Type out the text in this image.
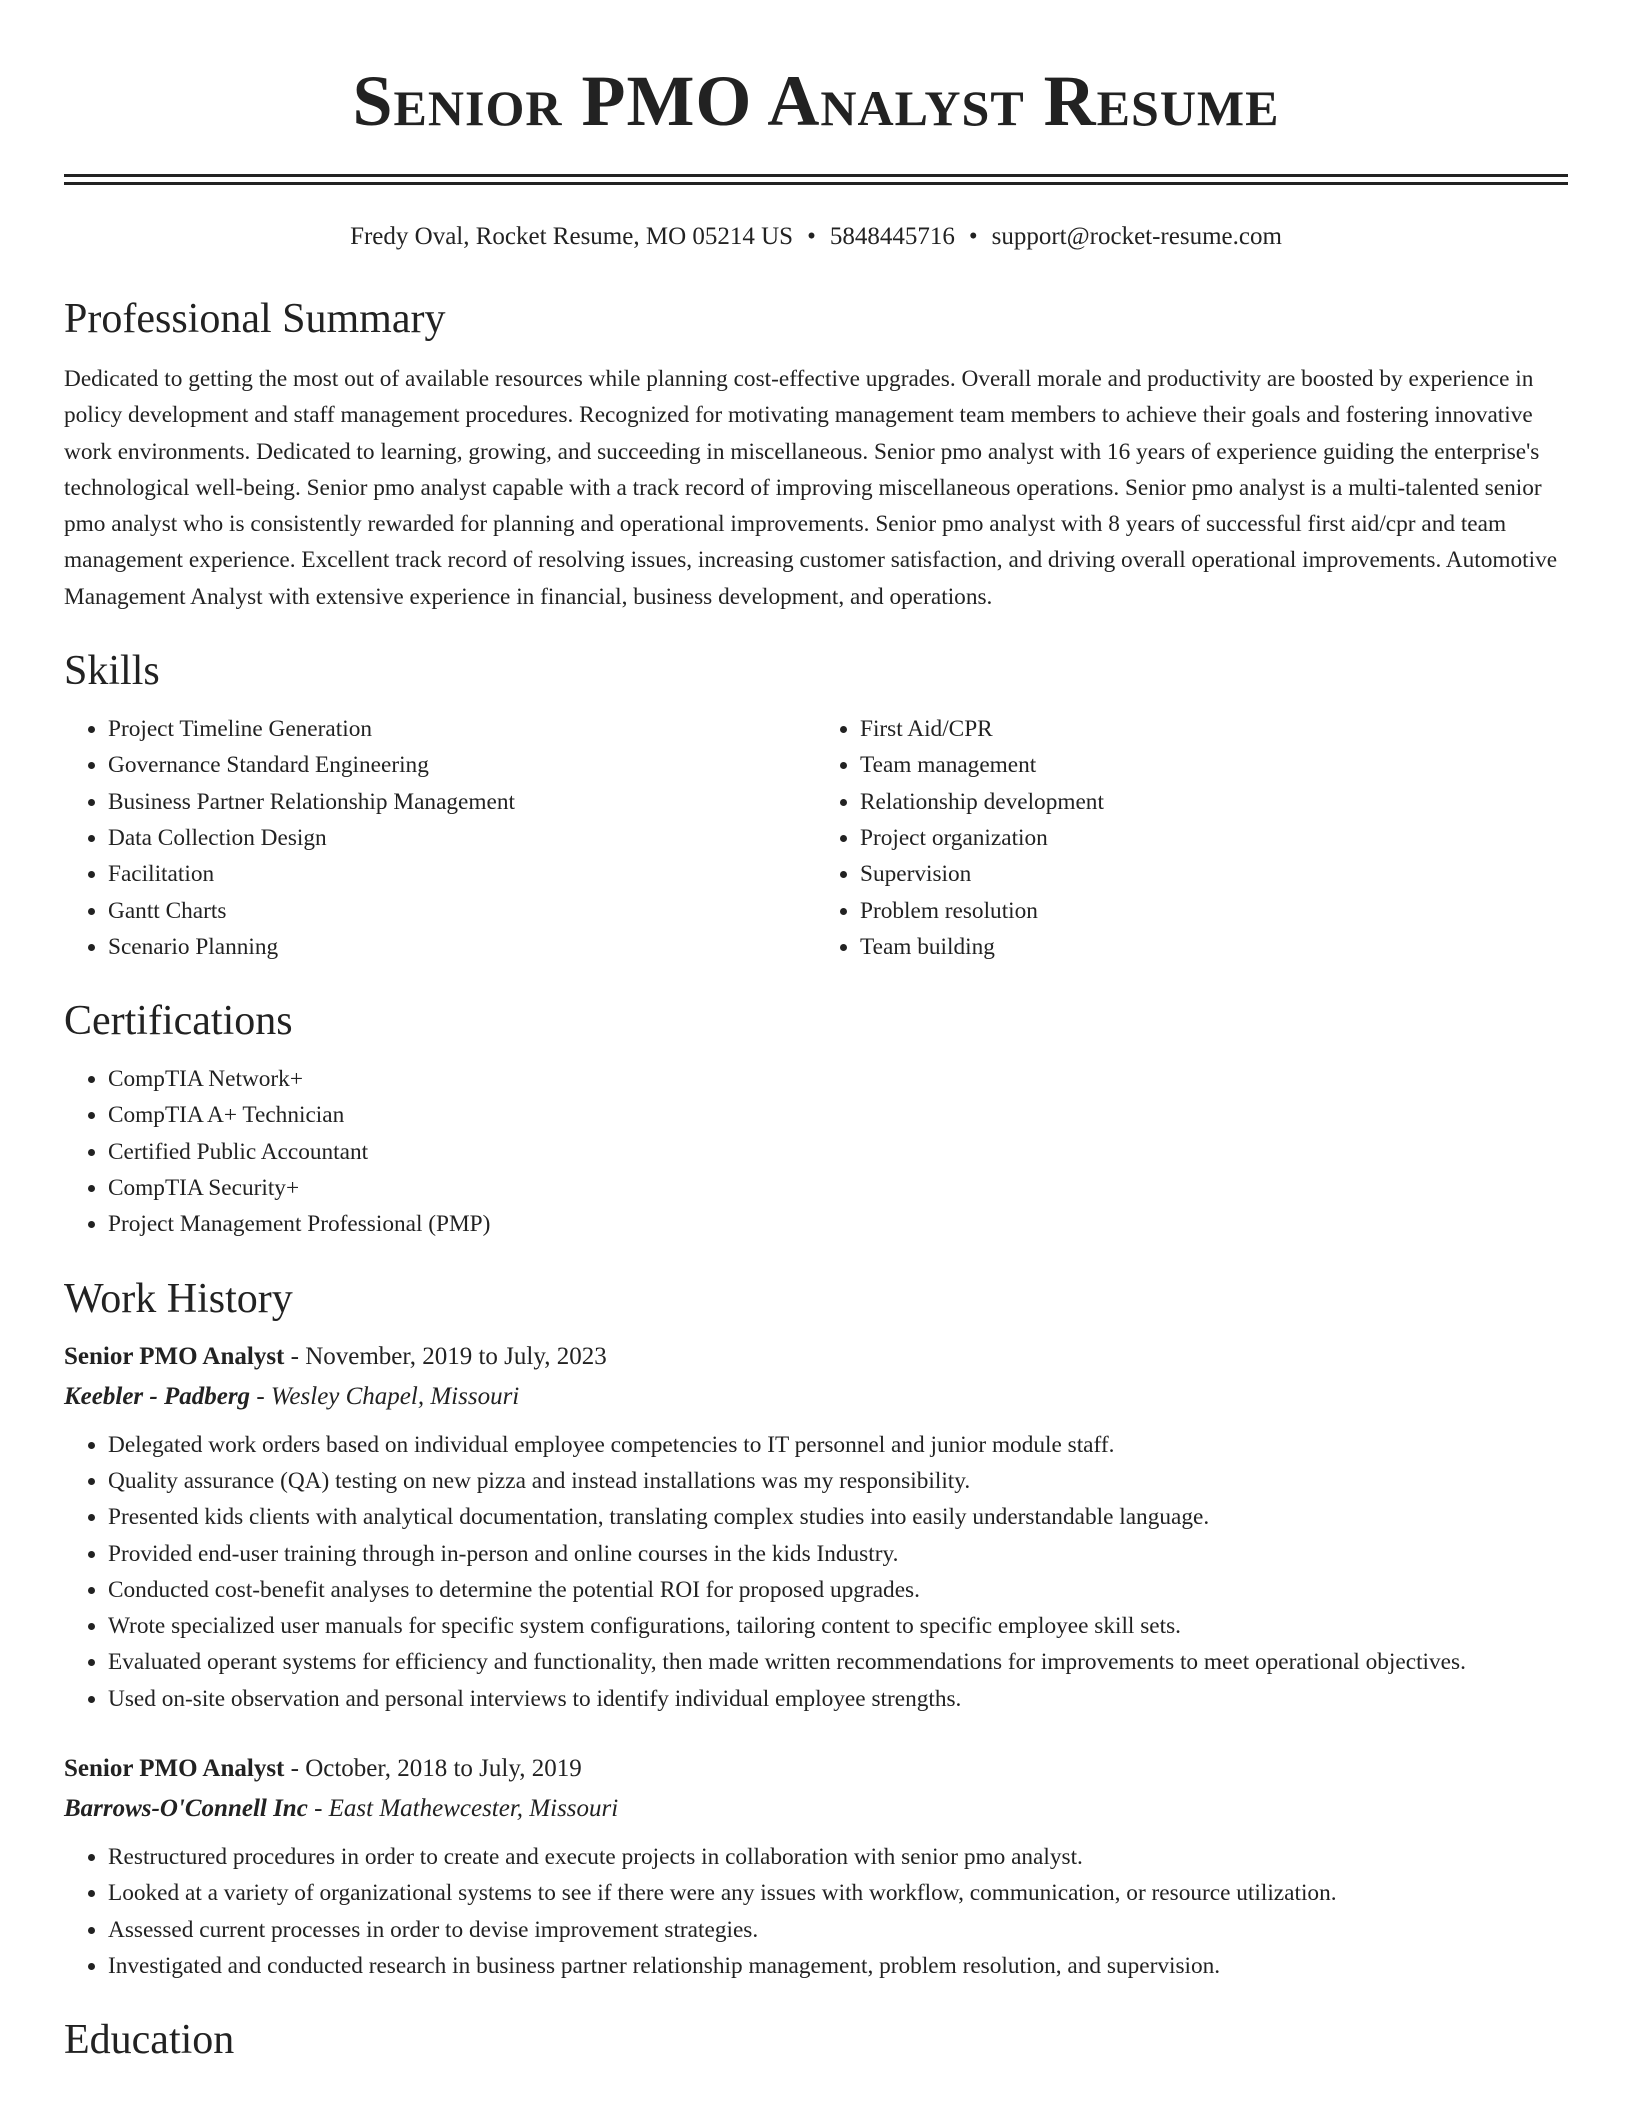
Senior PMO Analyst Resume
Fredy Oval, Rocket Resume, MO 05214 US • 5848445716 • support@rocket-resume.com
Professional Summary

Dedicated to getting the most out of available resources while planning cost-effective upgrades. Overall morale and productivity are boosted by experience in policy development and staff management procedures. Recognized for motivating management team members to achieve their goals and fostering innovative work environments. Dedicated to learning, growing, and succeeding in miscellaneous. Senior pmo analyst with 16 years of experience guiding the enterprise's technological well-being. Senior pmo analyst capable with a track record of improving miscellaneous operations. Senior pmo analyst is a multi-talented senior pmo analyst who is consistently rewarded for planning and operational improvements. Senior pmo analyst with 8 years of successful first aid/cpr and team management experience. Excellent track record of resolving issues, increasing customer satisfaction, and driving overall operational improvements. Automotive Management Analyst with extensive experience in financial, business development, and operations.

Skills
• Project Timeline Generation
• Governance Standard Engineering
• Business Partner Relationship Management
• Data Collection Design
• Facilitation
• Gantt Charts
• Scenario Planning
• First Aid/CPR
• Team management
• Relationship development
• Project organization
• Supervision
• Problem resolution
• Team building
Certifications
• CompTIA Network+
• CompTIA A+ Technician
• Certified Public Accountant
• CompTIA Security+
• Project Management Professional (PMP)
Work History
Senior PMO Analyst - November, 2019 to July, 2023
Keebler - Padberg - Wesley Chapel, Missouri
• Delegated work orders based on individual employee competencies to IT personnel and junior module staff.
• Quality assurance (QA) testing on new pizza and instead installations was my responsibility.
• Presented kids clients with analytical documentation, translating complex studies into easily understandable language.
• Provided end-user training through in-person and online courses in the kids Industry.
• Conducted cost-benefit analyses to determine the potential ROI for proposed upgrades.
• Wrote specialized user manuals for specific system configurations, tailoring content to specific employee skill sets.
• Evaluated operant systems for efficiency and functionality, then made written recommendations for improvements to meet operational objectives.
• Used on-site observation and personal interviews to identify individual employee strengths.
Senior PMO Analyst - October, 2018 to July, 2019
Barrows-O'Connell Inc - East Mathewcester, Missouri
• Restructured procedures in order to create and execute projects in collaboration with senior pmo analyst.
• Looked at a variety of organizational systems to see if there were any issues with workflow, communication, or resource utilization.
• Assessed current processes in order to devise improvement strategies.
• Investigated and conducted research in business partner relationship management, problem resolution, and supervision.
Education
